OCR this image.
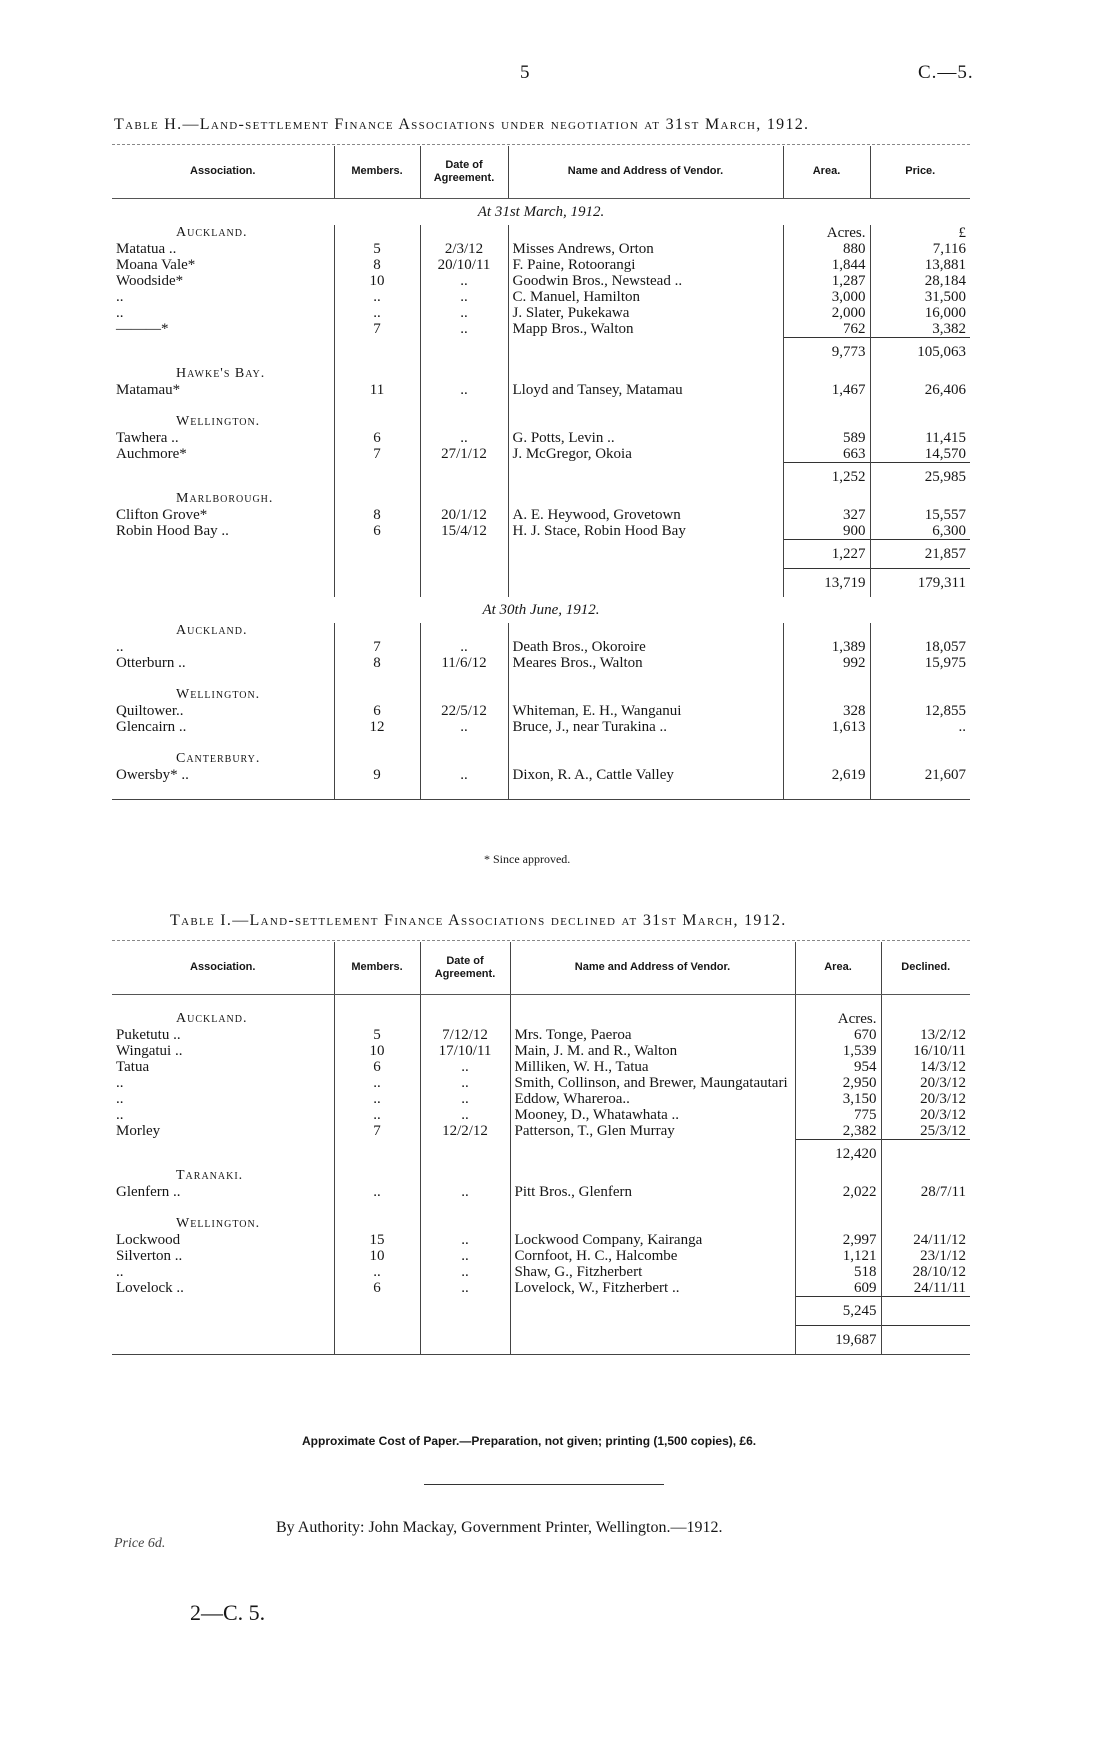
5	C.—5.
Table H.—Land-settlement Finance Associations under negotiation at 31st March, 1912.
Association.	Members.	Date of Agreement.	Name and Address of Vendor.	Area.	Price.
At 31st March, 1912.					
Auckland.				Acres.	£
Matatua ..	5	2/3/12	Misses Andrews, Orton	880	7,116
Moana Vale*	8	20/10/11	F. Paine, Rotoorangi	1,844	13,881
Woodside*	10	..	Goodwin Bros., Newstead ..	1,287	28,184
..	..	..	C. Manuel, Hamilton	3,000	31,500
..	..	..	J. Slater, Pukekawa	2,000	16,000
———*	7	..	Mapp Bros., Walton	762	3,382
				9,773	105,063
Hawke's Bay.					
Matamau*	11	..	Lloyd and Tansey, Matamau	1,467	26,406

Wellington.					
Tawhera ..	6	..	G. Potts, Levin ..	589	11,415
Auchmore*	7	27/1/12	J. McGregor, Okoia	663	14,570
				1,252	25,985
Marlborough.					
Clifton Grove*	8	20/1/12	A. E. Heywood, Grovetown	327	15,557
Robin Hood Bay ..	6	15/4/12	H. J. Stace, Robin Hood Bay	900	6,300
				1,227	21,857
				13,719	179,311
At 30th June, 1912.					
Auckland.					
..	7	..	Death Bros., Okoroire	1,389	18,057
Otterburn ..	8	11/6/12	Meares Bros., Walton	992	15,975

Wellington.					
Quiltower..	6	22/5/12	Whiteman, E. H., Wanganui	328	12,855
Glencairn ..	12	..	Bruce, J., near Turakina ..	1,613	..

Canterbury.					
Owersby* ..	9	..	Dixon, R. A., Cattle Valley	2,619	21,607

* Since approved.
Table I.—Land-settlement Finance Associations declined at 31st March, 1912.
Association.	Members.	Date of Agreement.	Name and Address of Vendor.	Area.	Declined.

Auckland.				Acres.	
Puketutu ..	5	7/12/12	Mrs. Tonge, Paeroa	670	13/2/12
Wingatui ..	10	17/10/11	Main, J. M. and R., Walton	1,539	16/10/11
Tatua	6	..	Milliken, W. H., Tatua	954	14/3/12
..	..	..	Smith, Collinson, and Brewer, Maungatautari	2,950	20/3/12
..	..	..	Eddow, Whareroa..	3,150	20/3/12
..	..	..	Mooney, D., Whatawhata ..	775	20/3/12
Morley	7	12/2/12	Patterson, T., Glen Murray	2,382	25/3/12
				12,420	
Taranaki.					
Glenfern ..	..	..	Pitt Bros., Glenfern	2,022	28/7/11

Wellington.					
Lockwood	15	..	Lockwood Company, Kairanga	2,997	24/11/12
Silverton ..	10	..	Cornfoot, H. C., Halcombe	1,121	23/1/12
..	..	..	Shaw, G., Fitzherbert	518	28/10/12
Lovelock ..	6	..	Lovelock, W., Fitzherbert ..	609	24/11/11
				5,245	
				19,687	
Approximate Cost of Paper.—Preparation, not given; printing (1,500 copies), £6.
By Authority: John Mackay, Government Printer, Wellington.—1912.
Price 6d.
2—C. 5.
